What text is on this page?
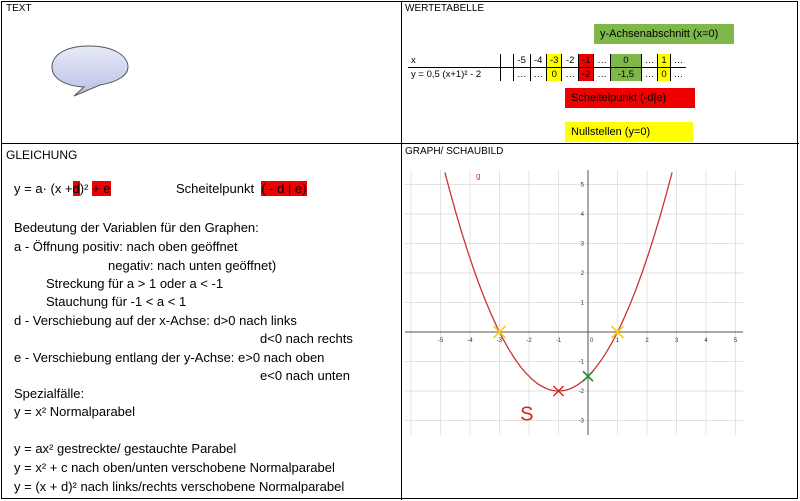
TEXT	WERTETABELLE
GLEICHUNG	GRAPH/ SCHAUBILD
y-Achsenabschnitt (x=0)
Scheitelpunkt (-d|e)
Nullstellen (y=0)
x		-5	-4	-3	-2	-1	…	0	…	1	…
y = 0,5 (x+1)² - 2		…	…	0	…	-2	…	-1,5	…	0	…
y = a· (x +d)² + e	Scheitelpunkt ( - d | e)
Bedeutung der Variablen für den Graphen:
a - Öffnung positiv: nach oben geöffnet
negativ: nach unten geöffnet)
Streckung für a > 1 oder a < -1
Stauchung für -1 < a < 1
d - Verschiebung auf der x-Achse: d>0 nach links
d<0 nach rechts
e - Verschiebung entlang der y-Achse: e>0 nach oben
e<0 nach unten
Spezialfälle:
y = x² Normalparabel
y = ax² gestreckte/ gestauchte Parabel
y = x² + c nach oben/unten verschobene Normalparabel
y = (x + d)² nach links/rechts verschobene Normalparabel
-5	-4	-3	-2	-1	0	1	2	3	4	5
5
4
3
2
1
-1
-2
-3
g
S
